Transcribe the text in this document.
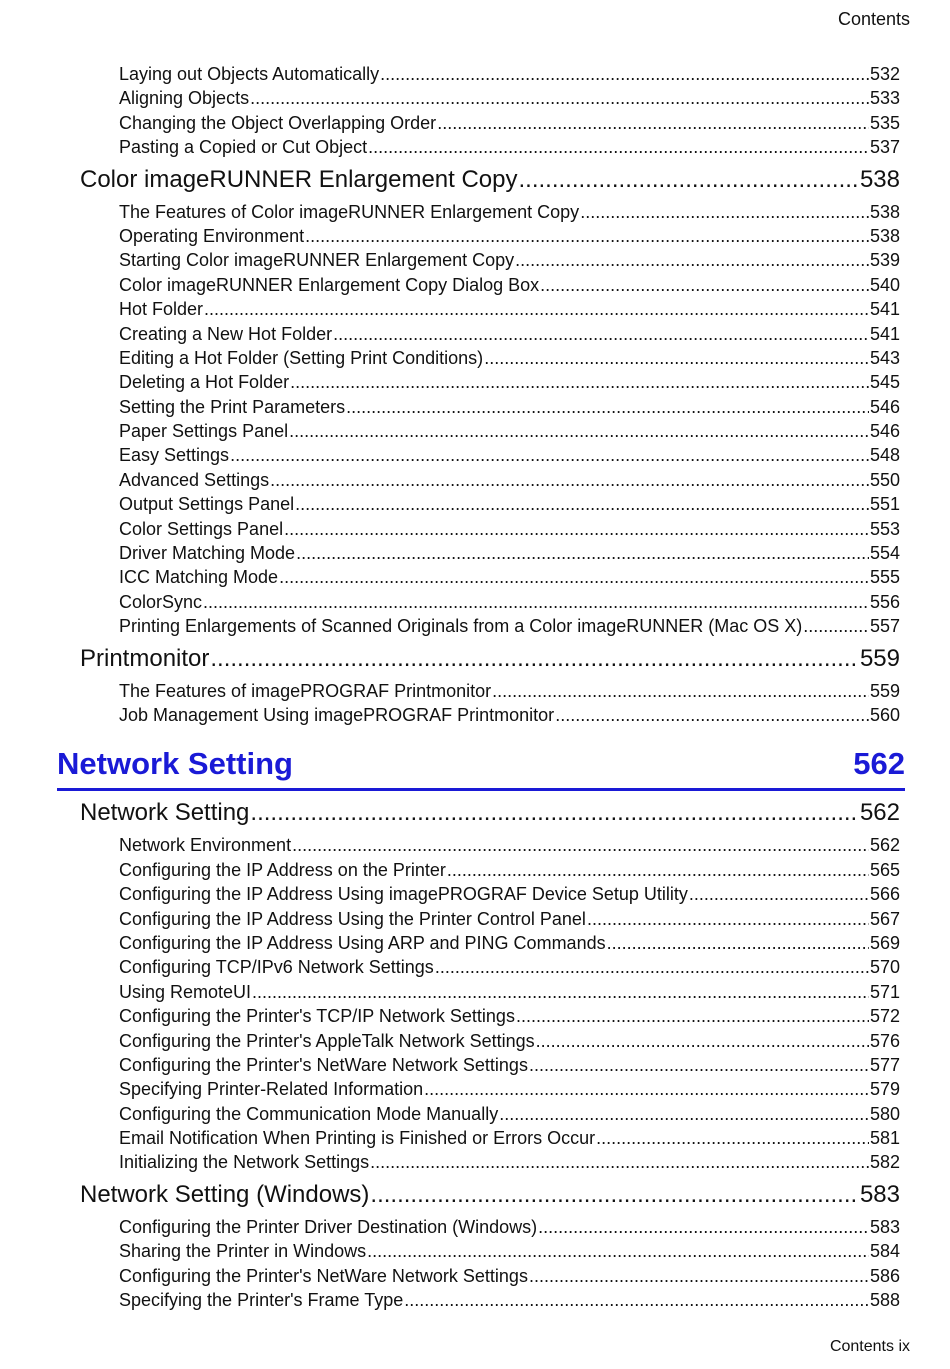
Contents
Laying out Objects Automatically .....	532
Aligning Objects .....	533
Changing the Object Overlapping Order .....	535
Pasting a Copied or Cut Object .....	537
Color imageRUNNER Enlargement Copy .....	538
The Features of Color imageRUNNER Enlargement Copy .....	538
Operating Environment .....	538
Starting Color imageRUNNER Enlargement Copy .....	539
Color imageRUNNER Enlargement Copy Dialog Box .....	540
Hot Folder .....	541
Creating a New Hot Folder .....	541
Editing a Hot Folder (Setting Print Conditions) .....	543
Deleting a Hot Folder .....	545
Setting the Print Parameters .....	546
Paper Settings Panel .....	546
Easy Settings .....	548
Advanced Settings .....	550
Output Settings Panel .....	551
Color Settings Panel .....	553
Driver Matching Mode .....	554
ICC Matching Mode .....	555
ColorSync .....	556
Printing Enlargements of Scanned Originals from a Color imageRUNNER (Mac OS X) .....	557
Printmonitor .....	559
The Features of imagePROGRAF Printmonitor .....	559
Job Management Using imagePROGRAF Printmonitor .....	560
Network Setting	562
Network Setting .....	562
Network Environment .....	562
Configuring the IP Address on the Printer .....	565
Configuring the IP Address Using imagePROGRAF Device Setup Utility .....	566
Configuring the IP Address Using the Printer Control Panel .....	567
Configuring the IP Address Using ARP and PING Commands .....	569
Configuring TCP/IPv6 Network Settings .....	570
Using RemoteUI .....	571
Configuring the Printer's TCP/IP Network Settings .....	572
Configuring the Printer's AppleTalk Network Settings .....	576
Configuring the Printer's NetWare Network Settings .....	577
Specifying Printer-Related Information .....	579
Configuring the Communication Mode Manually .....	580
Email Notification When Printing is Finished or Errors Occur .....	581
Initializing the Network Settings .....	582
Network Setting (Windows) .....	583
Configuring the Printer Driver Destination (Windows) .....	583
Sharing the Printer in Windows .....	584
Configuring the Printer's NetWare Network Settings .....	586
Specifying the Printer's Frame Type .....	588
Contents ix
